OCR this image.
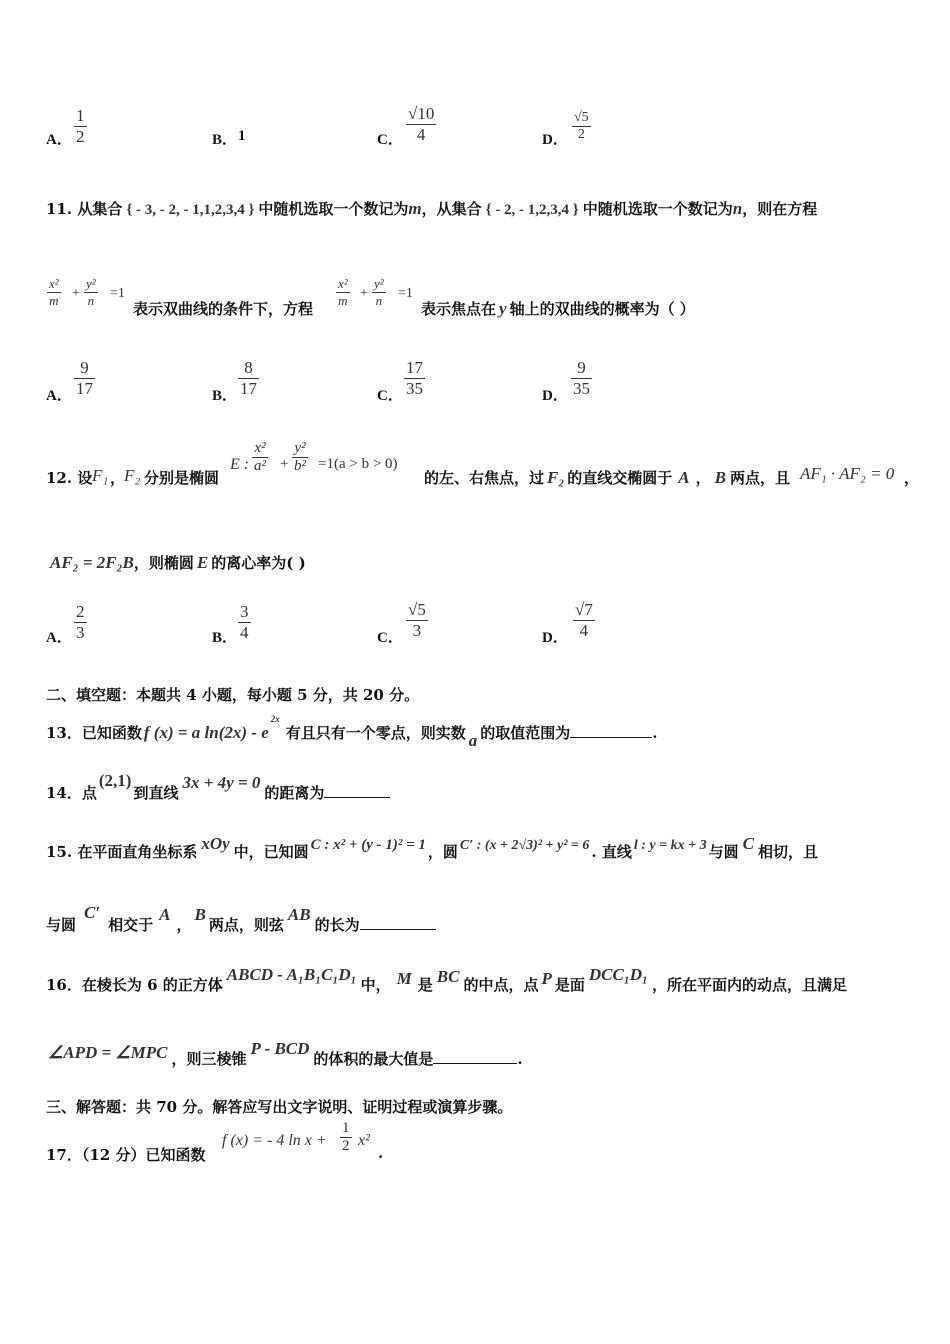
A． $\frac{1}{2}$	B． 1	C． $\frac{√10}{4}$	D． $\frac{√5}{2}$
11. 从集合 { - 3, - 2, - 1,1,2,3,4 } 中随机选取一个数记为m，从集合 { - 2, - 1,2,3,4 } 中随机选取一个数记为n，则在方程
$\frac{\text{x²}}{m} + \frac{\text{y²}}{n} =1$
表示双曲线的条件下，方程 $\frac{\text{x²}}{m} + \frac{\text{y²}}{n} =1$
表示焦点在 y 轴上的双曲线的概率为（ ）
A． $\frac{9}{17}$	B． $\frac{8}{17}$	C． $\frac{17}{35}$	D． $\frac{9}{35}$
12. 设 F₁ ，
F₂ 分别是椭圆
E : $\frac{\text{x²}}{\text{a²}} + \frac{\text{y²}}{\text{b²}} =1(a > b > 0)$
的左、右焦点，过 F₂ 的直线交椭圆于 A ， B 两点，且 AF₁ · AF₂ = 0 ，
AF₂ = 2F₂B，则椭圆 E 的离心率为( )
A． $\frac{2}{3}$	B． $\frac{3}{4}$	C． $\frac{√5}{3}$	D． $\frac{√7}{4}$
二、填空题：本题共 4 小题，每小题 5 分，共 20 分。
13．已知函数 f (x) = a $\ln(2x) - e^{2x}$有且只有一个零点，则实数 a 的取值范围为	.
14．点(2,1)到直线3x + 4y = 0的距离为
15. 在平面直角坐标系 xOy 中，已知圆 C : x² + (y - 1)² = 1 ，圆 C′ : (x + 2√3)² + y² = 6 . 直线 l : y = kx + 3 与圆 C 相切，且
与圆C′相交于A，B两点，则弦AB的长为
16．在棱长为 6 的正方体ABCD - A₁B₁C₁D₁中， M 是 BC 的中点，点 P 是面DCC₁D₁，所在平面内的动点，且满足
∠APD = ∠MPC ，则三棱锥P - BCD的体积的最大值是	.
三、解答题：共 70 分。解答应写出文字说明、证明过程或演算步骤。
17．（12 分）已知函数
f (x) = - 4 $\ln x + \frac{1}{2} x^2$
.
